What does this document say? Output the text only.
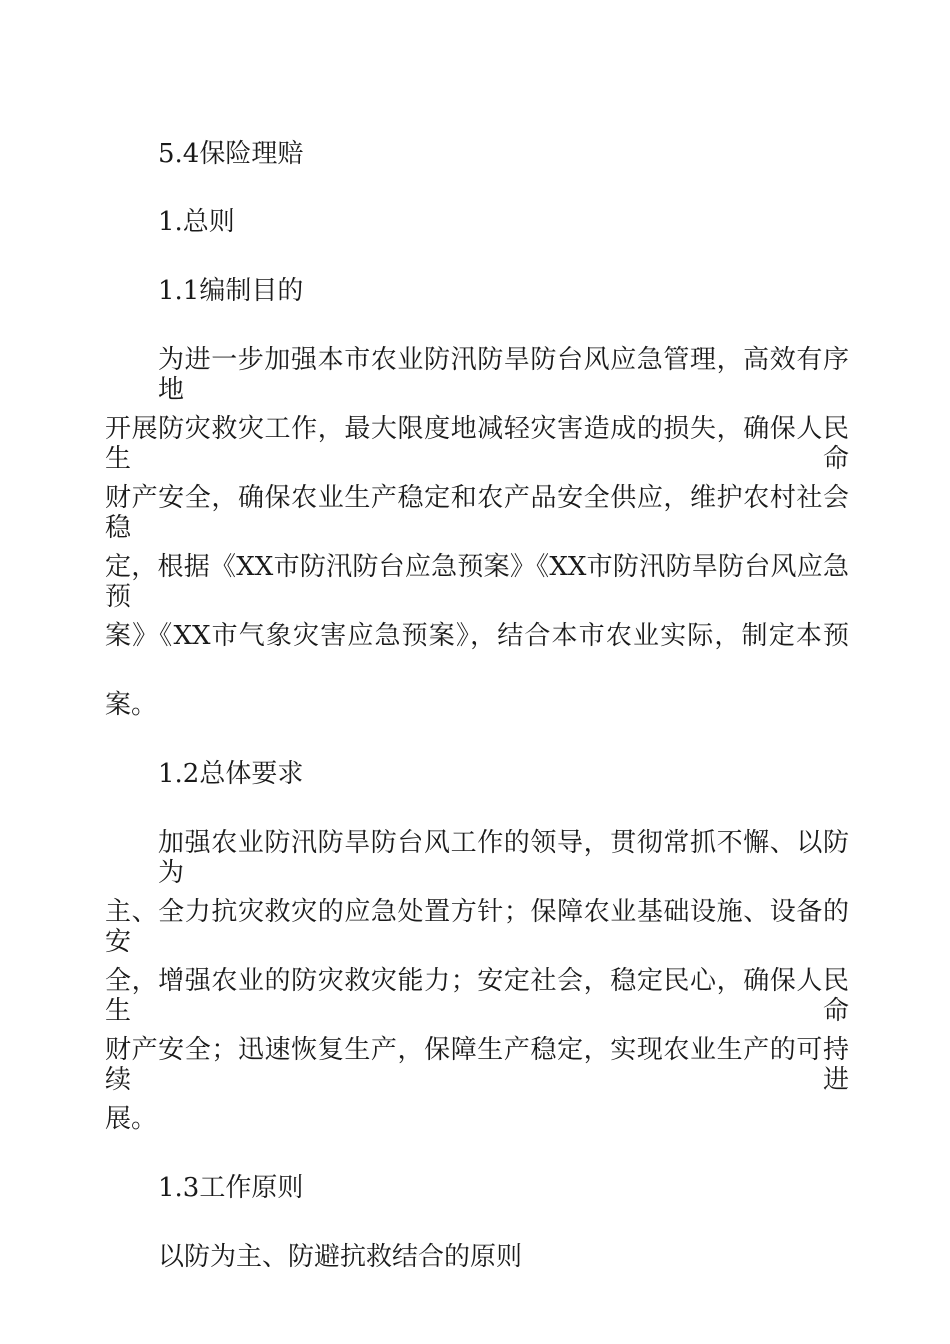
5.4保险理赔
1.总则
1.1编制目的
为进一步加强本市农业防汛防旱防台风应急管理，高效有序地
开展防灾救灾工作，最大限度地减轻灾害造成的损失，确保人民生命
财产安全，确保农业生产稳定和农产品安全供应，维护农村社会稳
定，根据《XX市防汛防台应急预案》《XX市防汛防旱防台风应急预
案》《XX市气象灾害应急预案》，结合本市农业实际，制定本预
案。
1.2总体要求
加强农业防汛防旱防台风工作的领导，贯彻常抓不懈、以防为
主、全力抗灾救灾的应急处置方针；保障农业基础设施、设备的安
全，增强农业的防灾救灾能力；安定社会，稳定民心，确保人民生命
财产安全；迅速恢复生产，保障生产稳定，实现农业生产的可持续进
展。
1.3工作原则
以防为主、防避抗救结合的原则
